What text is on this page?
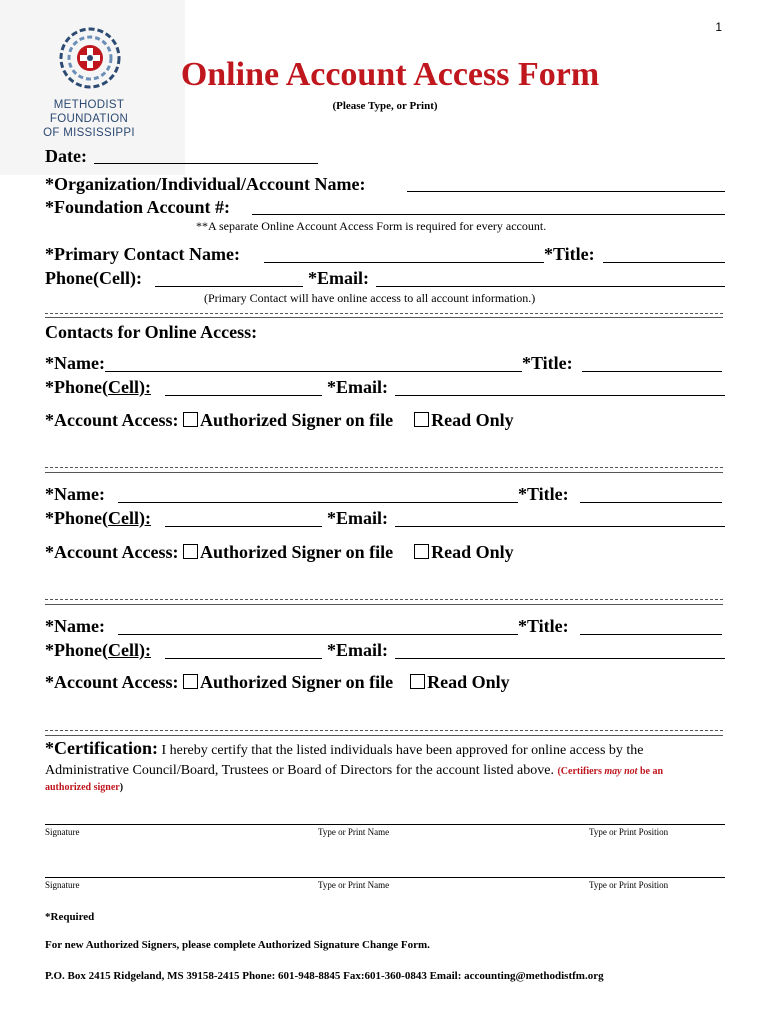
1
METHODIST FOUNDATION
OF MISSISSIPPI
Online Account Access Form
(Please Type, or Print)
Date:
*Organization/Individual/Account Name:
*Foundation Account #:
**A separate Online Account Access Form is required for every account.
*Primary Contact Name:	*Title:
Phone(Cell):	*Email:
(Primary Contact will have online access to all account information.)
Contacts for Online Access:
*Name:	*Title:
*Phone(Cell):	*Email:
*Account Access: Authorized Signer on file Read Only
*Name:	*Title:
*Phone(Cell):	*Email:
*Account Access: Authorized Signer on file Read Only
*Name:	*Title:
*Phone(Cell):	*Email:
*Account Access: Authorized Signer on file Read Only
*Certification: I hereby certify that the listed individuals have been approved for online access by the
Administrative Council/Board, Trustees or Board of Directors for the account listed above. (Certifiers may not be an
authorized signer)
Signature	Type or Print Name	Type or Print Position
Signature	Type or Print Name	Type or Print Position
*Required
For new Authorized Signers, please complete Authorized Signature Change Form.
P.O. Box 2415 Ridgeland, MS 39158-2415 Phone: 601-948-8845 Fax:601-360-0843 Email: accounting@methodistfm.org
